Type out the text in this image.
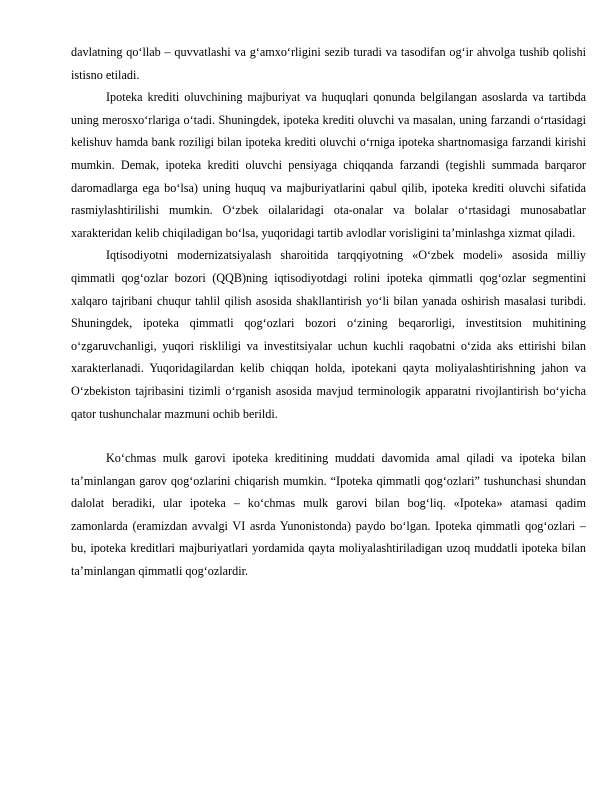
davlatning qo‘llab – quvvatlashi va g‘amxo‘rligini sezib turadi va tasodifan og‘ir ahvolga tushib qolishi istisno etiladi.

Ipoteka krediti oluvchining majburiyat va huquqlari qonunda belgilangan asoslarda va tartibda uning merosxo‘rlariga o‘tadi. Shuningdek, ipoteka krediti oluvchi va masalan, uning farzandi o‘rtasidagi kelishuv hamda bank roziligi bilan ipoteka krediti oluvchi o‘rniga ipoteka shartnomasiga farzandi kirishi mumkin. Demak, ipoteka krediti oluvchi pensiyaga chiqqanda farzandi (tegishli summada barqaror daromadlarga ega bo‘lsa) uning huquq va majburiyatlarini qabul qilib, ipoteka krediti oluvchi sifatida rasmiylashtirilishi mumkin. O‘zbek oilalaridagi ota-onalar va bolalar o‘rtasidagi munosabatlar xarakteridan kelib chiqiladigan bo‘lsa, yuqoridagi tartib avlodlar vorisligini ta’minlashga xizmat qiladi.

Iqtisodiyotni modernizatsiyalash sharoitida tarqqiyotning «O‘zbek modeli» asosida milliy qimmatli qog‘ozlar bozori (QQB)ning iqtisodiyotdagi rolini ipoteka qimmatli qog‘ozlar segmentini xalqaro tajribani chuqur tahlil qilish asosida shakllantirish yo‘li bilan yanada oshirish masalasi turibdi. Shuningdek, ipoteka qimmatli qog‘ozlari bozori o‘zining beqarorligi, investitsion muhitining o‘zgaruvchanligi, yuqori riskliligi va investitsiyalar uchun kuchli raqobatni o‘zida aks ettirishi bilan xarakterlanadi. Yuqoridagilardan kelib chiqqan holda, ipotekani qayta moliyalashtirishning jahon va O‘zbekiston tajribasini tizimli o‘rganish asosida mavjud terminologik apparatni rivojlantirish bo‘yicha qator tushunchalar mazmuni ochib berildi.

Ko‘chmas mulk garovi ipoteka kreditining muddati davomida amal qiladi va ipoteka bilan ta’minlangan garov qog‘ozlarini chiqarish mumkin. “Ipoteka qimmatli qog‘ozlari” tushunchasi shundan dalolat beradiki, ular ipoteka – ko‘chmas mulk garovi bilan bog‘liq. «Ipoteka» atamasi qadim zamonlarda (eramizdan avvalgi VI asrda Yunonistonda) paydo bo‘lgan. Ipoteka qimmatli qog‘ozlari – bu, ipoteka kreditlari majburiyatlari yordamida qayta moliyalashtiriladigan uzoq muddatli ipoteka bilan ta’minlangan qimmatli qog‘ozlardir.
